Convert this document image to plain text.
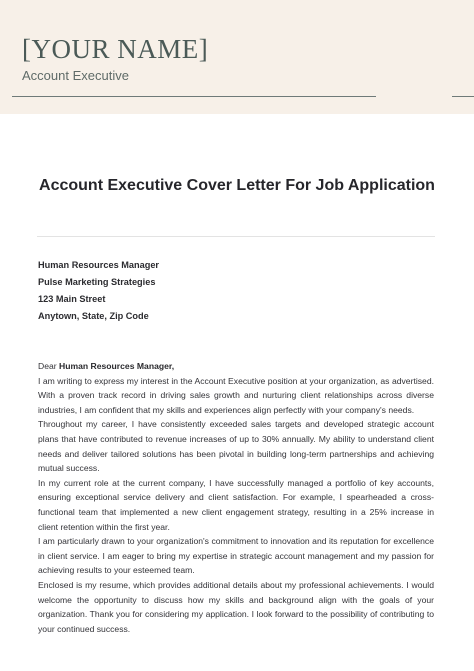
[YOUR NAME]
Account Executive
Account Executive Cover Letter For Job Application
Human Resources Manager
Pulse Marketing Strategies
123 Main Street
Anytown, State, Zip Code
Dear Human Resources Manager,

I am writing to express my interest in the Account Executive position at your organization, as advertised. With a proven track record in driving sales growth and nurturing client relationships across diverse industries, I am confident that my skills and experiences align perfectly with your company's needs.

Throughout my career, I have consistently exceeded sales targets and developed strategic account plans that have contributed to revenue increases of up to 30% annually. My ability to understand client needs and deliver tailored solutions has been pivotal in building long-term partnerships and achieving mutual success.

In my current role at the current company, I have successfully managed a portfolio of key accounts, ensuring exceptional service delivery and client satisfaction. For example, I spearheaded a cross-functional team that implemented a new client engagement strategy, resulting in a 25% increase in client retention within the first year.

I am particularly drawn to your organization's commitment to innovation and its reputation for excellence in client service. I am eager to bring my expertise in strategic account management and my passion for achieving results to your esteemed team.

Enclosed is my resume, which provides additional details about my professional achievements. I would welcome the opportunity to discuss how my skills and background align with the goals of your organization. Thank you for considering my application. I look forward to the possibility of contributing to your continued success.
